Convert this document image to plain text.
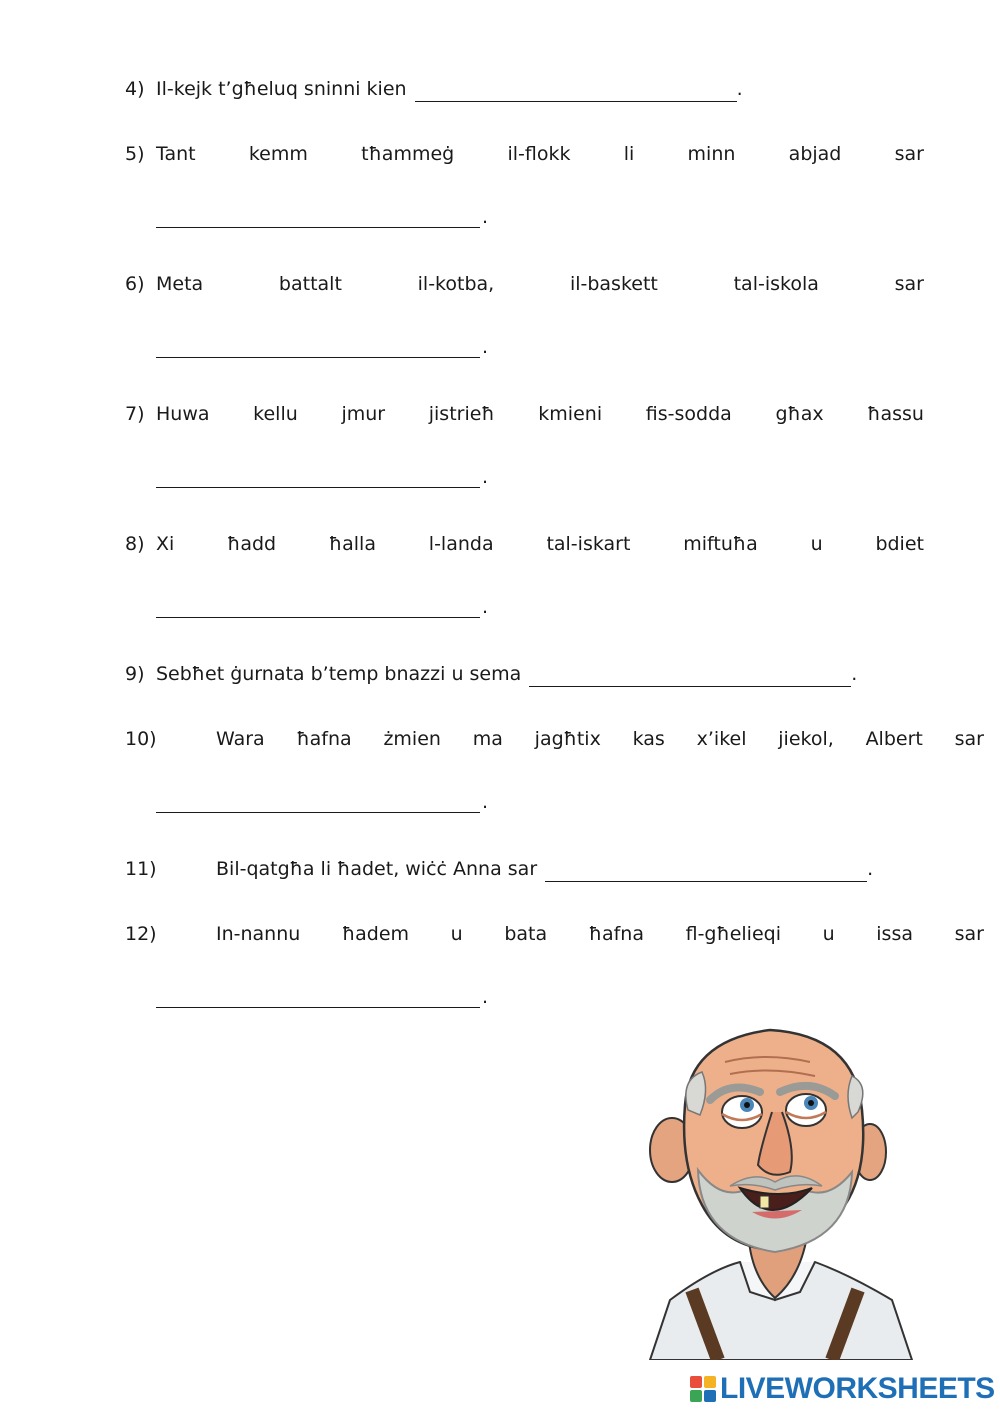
4) Il-kejk t’għeluq sninni kien	.
5) Tant	kemm	tħammeġ	il-flokk	li	minn	abjad	sar
.
6) Meta	battalt	il-kotba,	il-baskett	tal-iskola	sar
.
7) Huwa kellu jmur jistrieħ kmieni fis-sodda għax ħassu
.
8) Xi	ħadd	ħalla	l-landa	tal-iskart	miftuħa	u	bdiet
.
9) Sebħet ġurnata b’temp bnazzi u sema	.
10)	Wara ħafna żmien ma jagħtix kas x’ikel jiekol, Albert sar
.
11)	Bil-qatgħa li ħadet, wiċċ Anna sar	.
12)	In-nannu ħadem u bata ħafna fl-għelieqi u issa sar
.
LIVEWORKSHEETS
